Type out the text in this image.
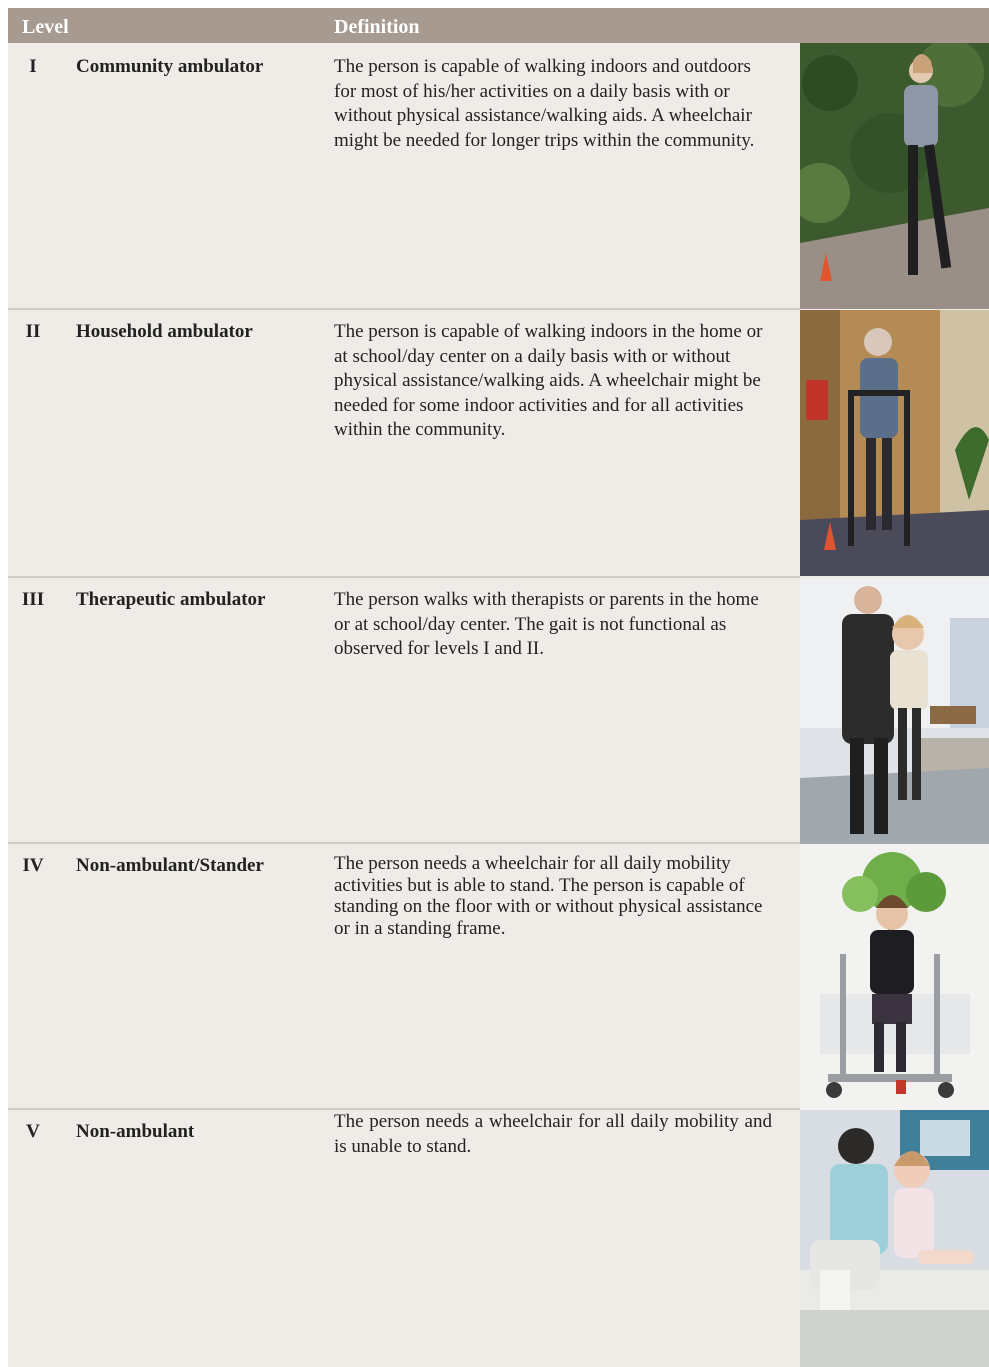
Level	Definition
I	Community ambulator	The person is capable of walking indoors and outdoors for most of his/her activities on a daily basis with or without physical assistance/walking aids. A wheelchair might be needed for longer trips within the community.
II	Household ambulator	The person is capable of walking indoors in the home or at school/day center on a daily basis with or without physical assistance/walking aids. A wheelchair might be needed for some indoor activities and for all activities within the community.
III	Therapeutic ambulator	The person walks with therapists or parents in the home or at school/day center. The gait is not functional as observed for levels I and II.
IV	Non-ambulant/Stander	The person needs a wheelchair for all daily mobility activities but is able to stand. The person is capable of standing on the floor with or without physical assistance or in a standing frame.
V	Non-ambulant	The person needs a wheelchair for all daily mobility and is unable to stand.
